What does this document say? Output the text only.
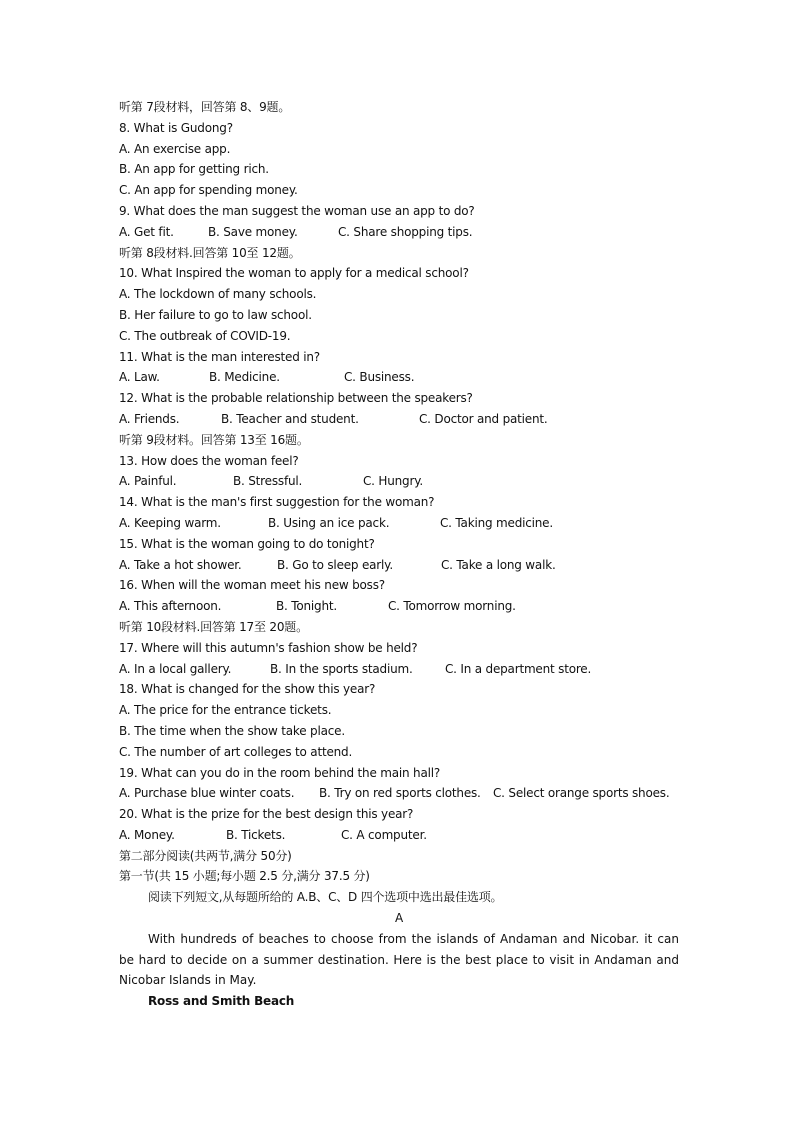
听第 7段材料，回答第 8、9题。
8. What is Gudong?
A. An exercise app.
B. An app for getting rich.
C. An app for spending money.
9. What does the man suggest the woman use an app to do?
A. Get fit.	B. Save money.	C. Share shopping tips.
听第 8段材料.回答第 10至 12题。
10. What Inspired the woman to apply for a medical school?
A. The lockdown of many schools.
B. Her failure to go to law school.
C. The outbreak of COVID-19.
11. What is the man interested in?
A. Law.	B. Medicine.	C. Business.
12. What is the probable relationship between the speakers?
A. Friends.	B. Teacher and student.	C. Doctor and patient.
听第 9段材料。回答第 13至 16题。
13. How does the woman feel?
A. Painful.	B. Stressful.	C. Hungry.
14. What is the man's first suggestion for the woman?
A. Keeping warm.	B. Using an ice pack.	C. Taking medicine.
15. What is the woman going to do tonight?
A. Take a hot shower.	B. Go to sleep early.	C. Take a long walk.
16. When will the woman meet his new boss?
A. This afternoon.	B. Tonight.	C. Tomorrow morning.
听第 10段材料.回答第 17至 20题。
17. Where will this autumn's fashion show be held?
A. In a local gallery.	B. In the sports stadium.	C. In a department store.
18. What is changed for the show this year?
A. The price for the entrance tickets.
B. The time when the show take place.
C. The number of art colleges to attend.
19. What can you do in the room behind the main hall?
A. Purchase blue winter coats.	B. Try on red sports clothes.	C. Select orange sports shoes.
20. What is the prize for the best design this year?
A. Money.	B. Tickets.	C. A computer.
第二部分阅读(共两节,满分 50分)
第一节(共 15 小题;每小题 2.5 分,满分 37.5 分)
阅读下列短文,从每题所给的 A.B、C、D 四个选项中选出最佳选项。
A
With hundreds of beaches to choose from the islands of Andaman and Nicobar. it can be hard to decide on a summer destination. Here is the best place to visit in Andaman and Nicobar Islands in May.
Ross and Smith Beach
